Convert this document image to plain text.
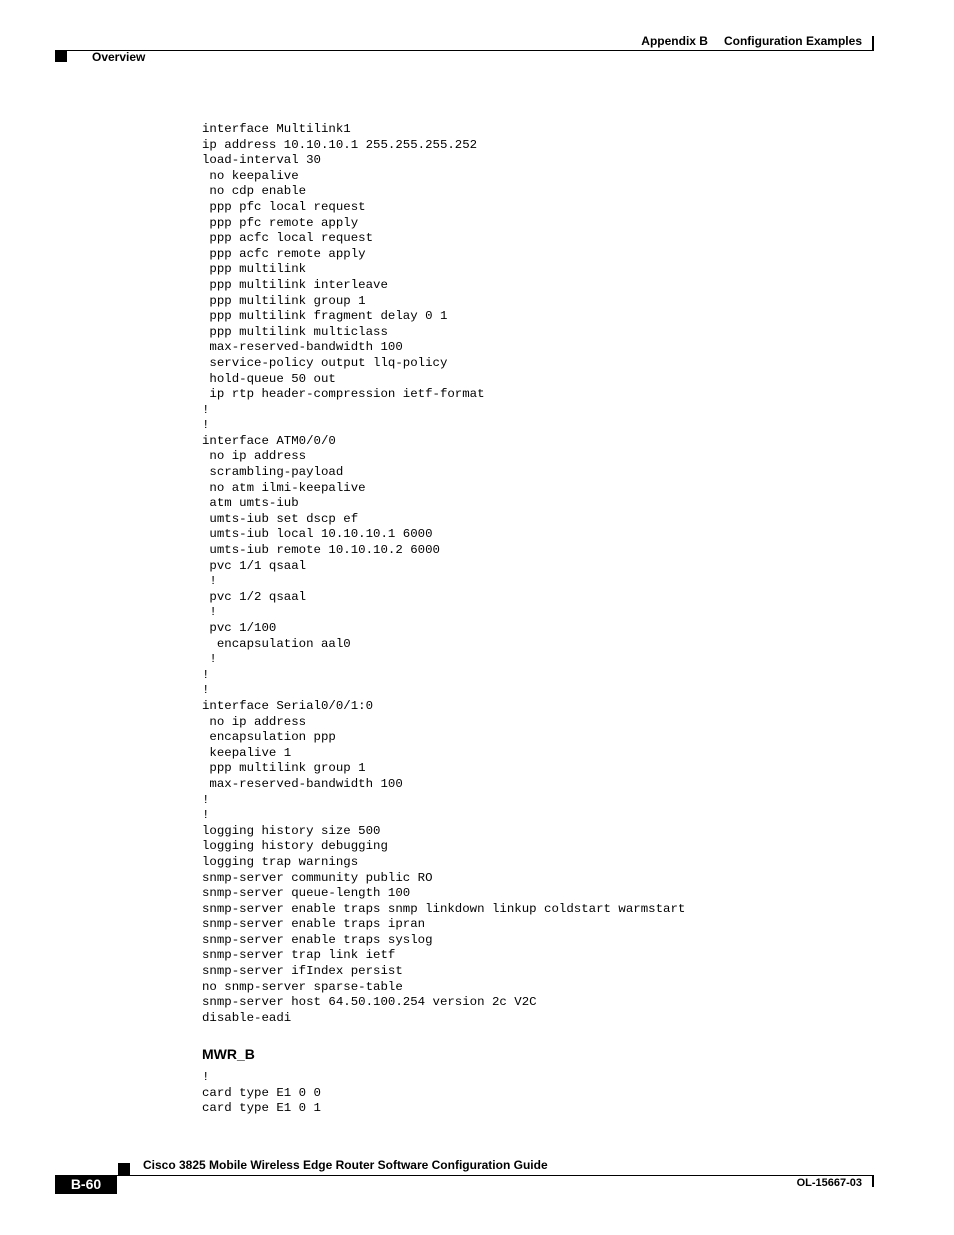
Appendix B Configuration Examples
Overview
interface Multilink1
ip address 10.10.10.1 255.255.255.252
load-interval 30
no keepalive
no cdp enable
ppp pfc local request
ppp pfc remote apply
ppp acfc local request
ppp acfc remote apply
ppp multilink
ppp multilink interleave
ppp multilink group 1
ppp multilink fragment delay 0 1
ppp multilink multiclass
max-reserved-bandwidth 100
service-policy output llq-policy
hold-queue 50 out
ip rtp header-compression ietf-format
!
!
interface ATM0/0/0
no ip address
scrambling-payload
no atm ilmi-keepalive
atm umts-iub
umts-iub set dscp ef
umts-iub local 10.10.10.1 6000
umts-iub remote 10.10.10.2 6000
pvc 1/1 qsaal
!
pvc 1/2 qsaal
!
pvc 1/100
encapsulation aal0
!
!
!
interface Serial0/0/1:0
no ip address
encapsulation ppp
keepalive 1
ppp multilink group 1
max-reserved-bandwidth 100
!
!
logging history size 500
logging history debugging
logging trap warnings
snmp-server community public RO
snmp-server queue-length 100
snmp-server enable traps snmp linkdown linkup coldstart warmstart
snmp-server enable traps ipran
snmp-server enable traps syslog
snmp-server trap link ietf
snmp-server ifIndex persist
no snmp-server sparse-table
snmp-server host 64.50.100.254 version 2c V2C
disable-eadi
MWR_B
!
card type E1 0 0
card type E1 0 1
Cisco 3825 Mobile Wireless Edge Router Software Configuration Guide
B-60	OL-15667-03
